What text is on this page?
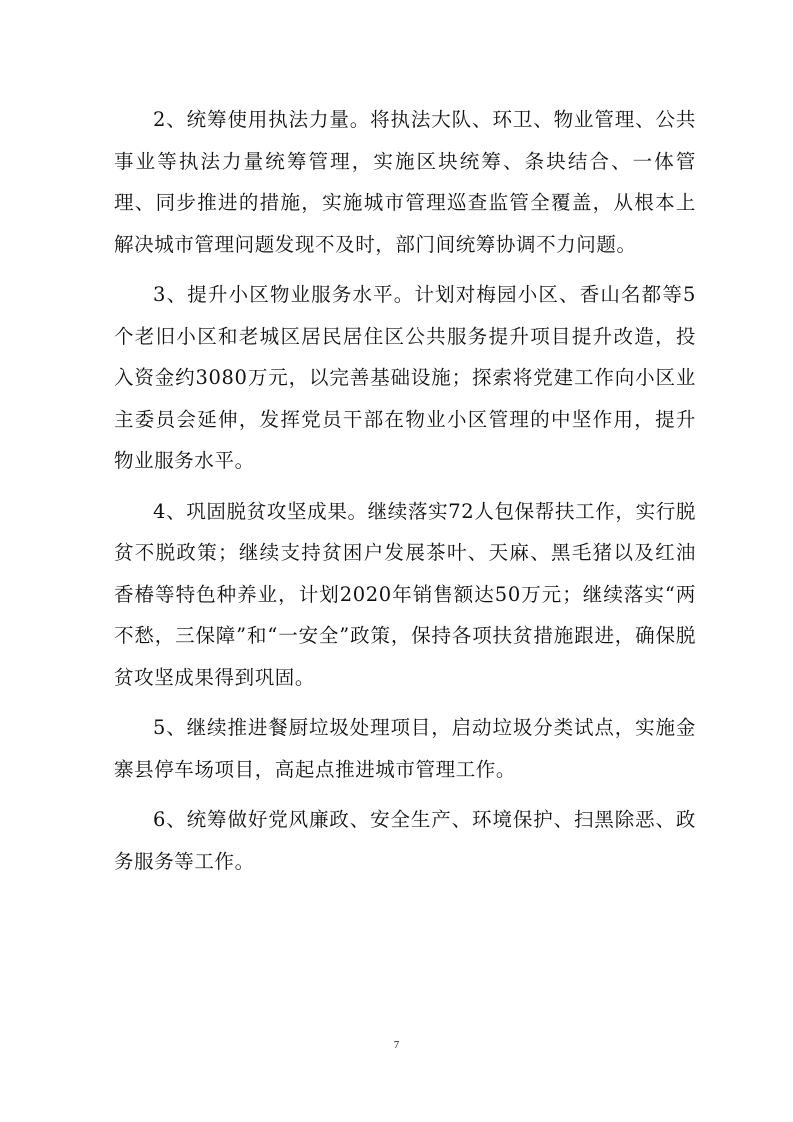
2、统筹使用执法力量。将执法大队、环卫、物业管理、公共事业等执法力量统筹管理，实施区块统筹、条块结合、一体管理、同步推进的措施，实施城市管理巡查监管全覆盖，从根本上解决城市管理问题发现不及时，部门间统筹协调不力问题。

3、提升小区物业服务水平。计划对梅园小区、香山名都等5个老旧小区和老城区居民居住区公共服务提升项目提升改造，投入资金约3080万元，以完善基础设施；探索将党建工作向小区业主委员会延伸，发挥党员干部在物业小区管理的中坚作用，提升物业服务水平。

4、巩固脱贫攻坚成果。继续落实72人包保帮扶工作，实行脱贫不脱政策；继续支持贫困户发展茶叶、天麻、黑毛猪以及红油香椿等特色种养业，计划2020年销售额达50万元；继续落实“两不愁，三保障”和“一安全”政策，保持各项扶贫措施跟进，确保脱贫攻坚成果得到巩固。

5、继续推进餐厨垃圾处理项目，启动垃圾分类试点，实施金寨县停车场项目，高起点推进城市管理工作。

6、统筹做好党风廉政、安全生产、环境保护、扫黑除恶、政务服务等工作。

7
